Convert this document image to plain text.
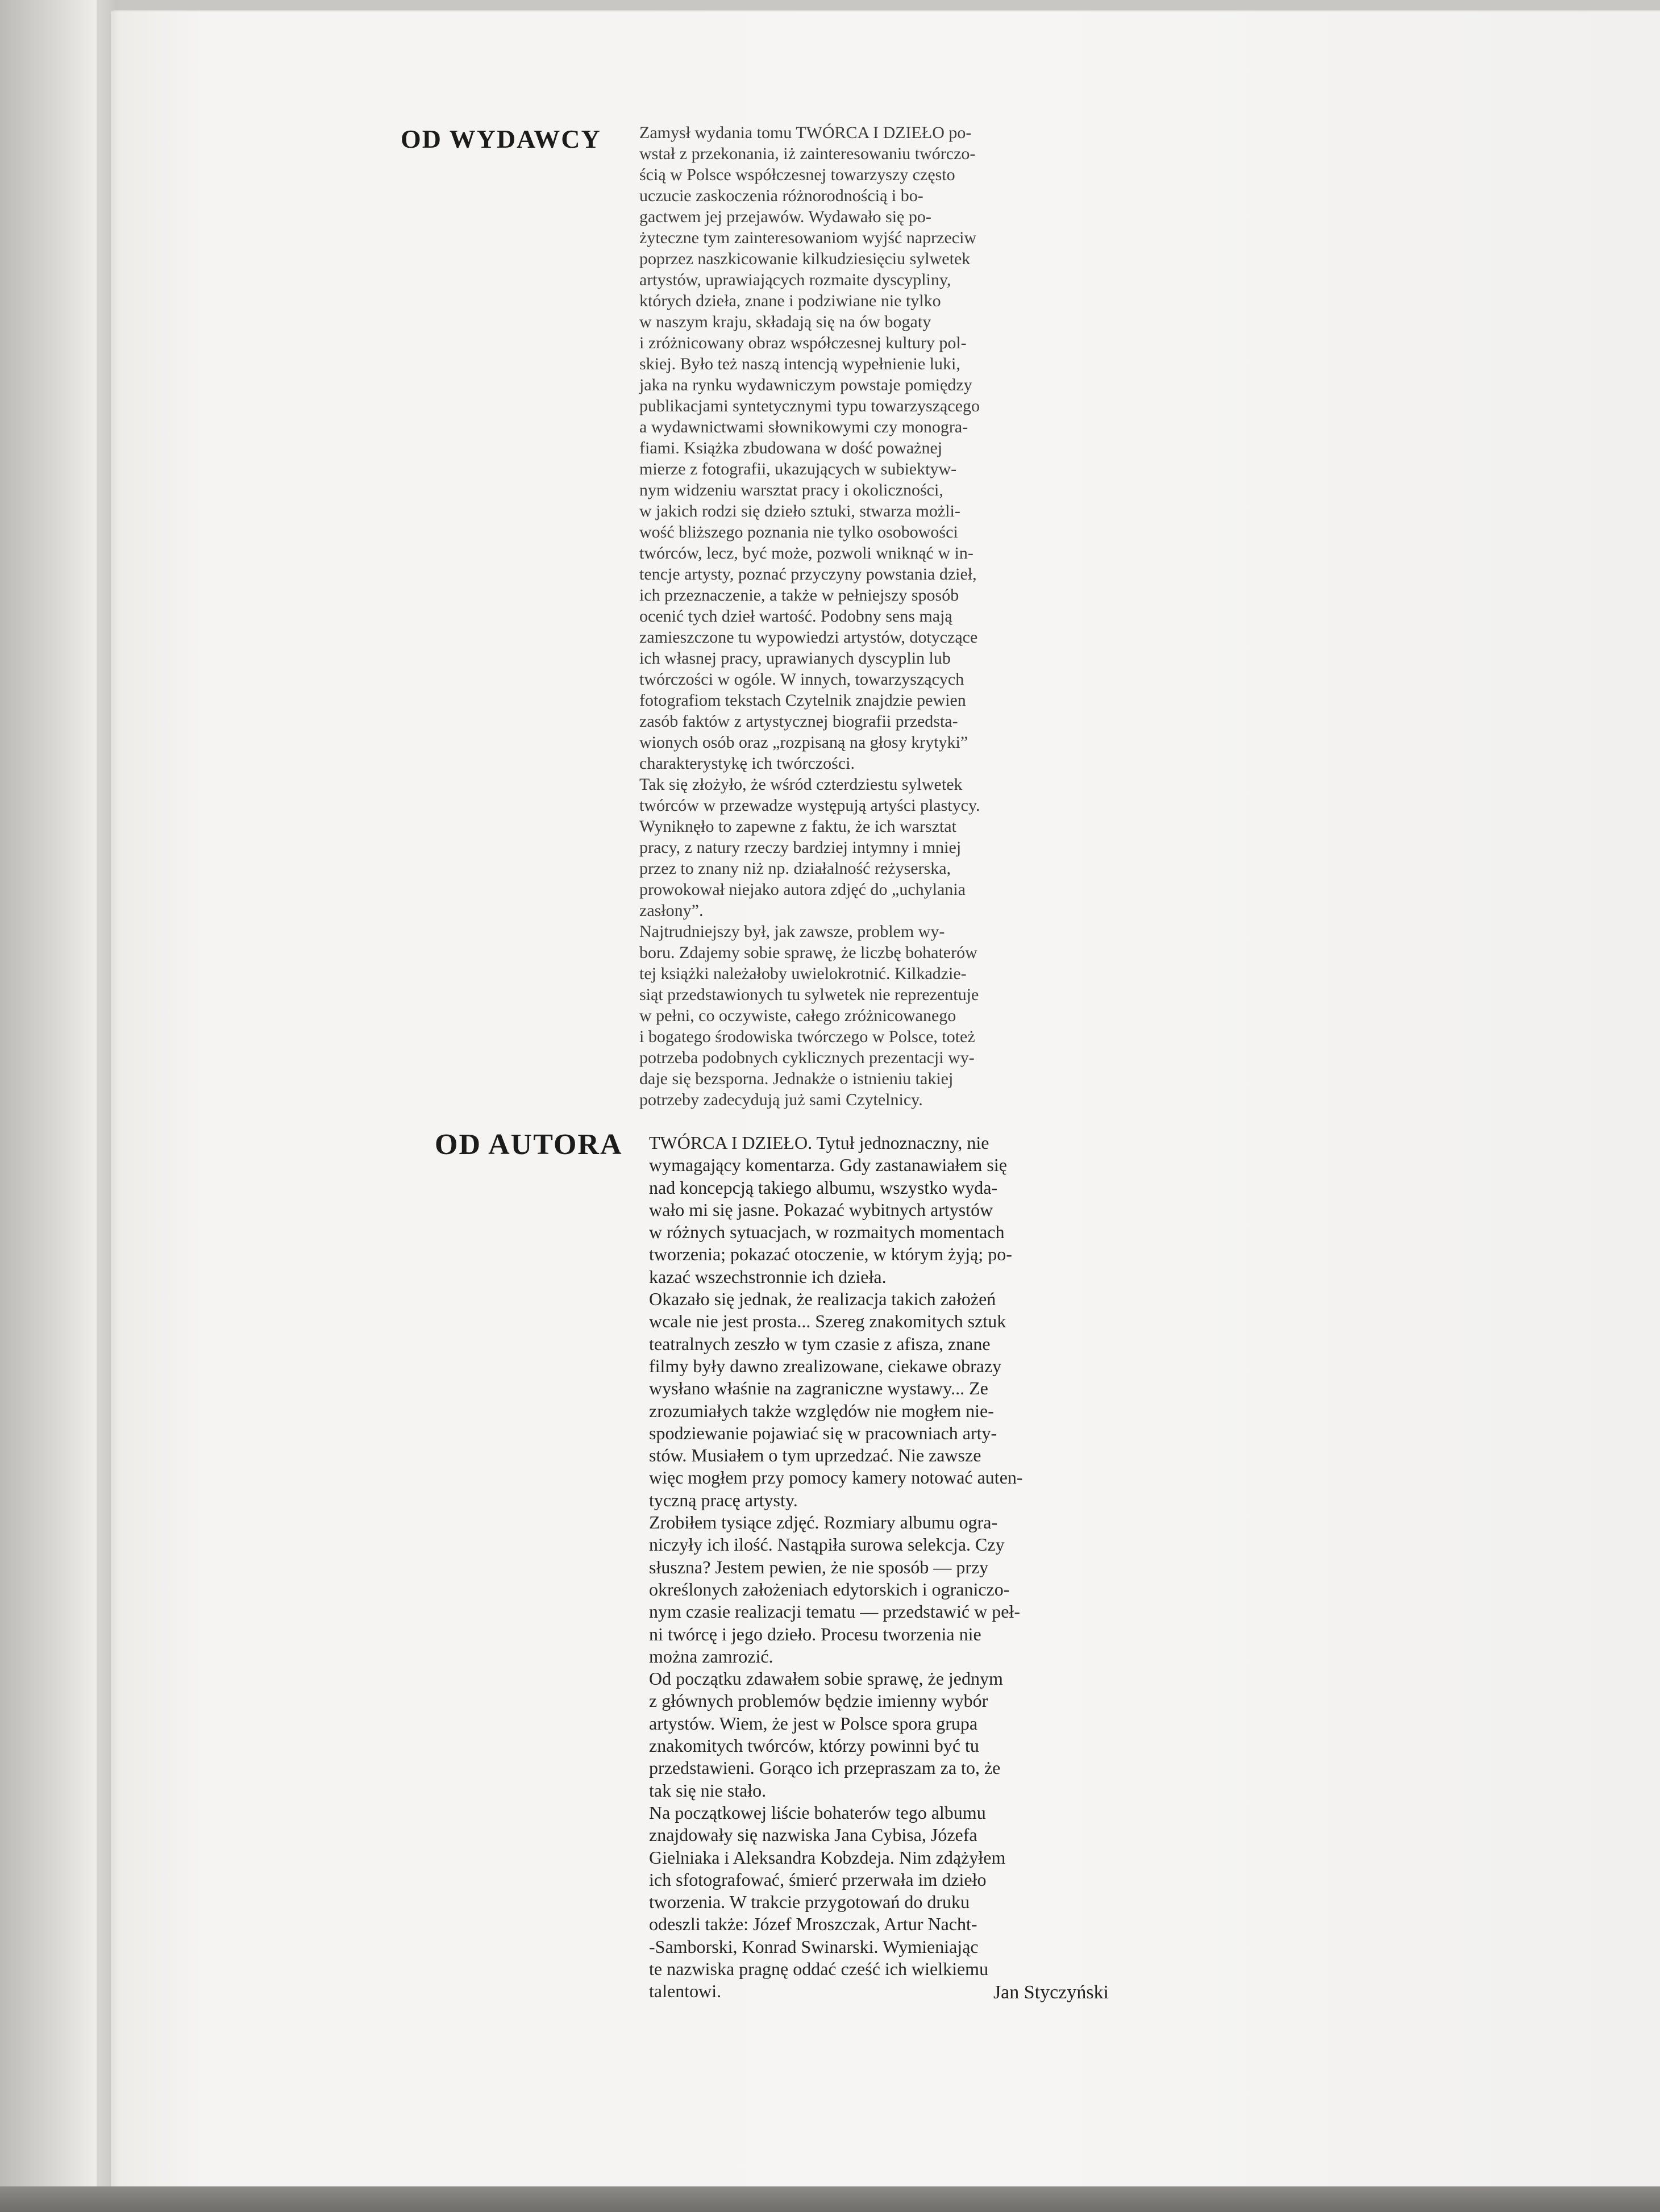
OD WYDAWCY Zamysł wydania tomu TWÓRCA I DZIEŁO po-
wstał z przekonania, iż zainteresowaniu twórczo-
ścią w Polsce współczesnej towarzyszy często
uczucie zaskoczenia różnorodnością i bo-
gactwem jej przejawów. Wydawało się po-
żyteczne tym zainteresowaniom wyjść naprzeciw
poprzez naszkicowanie kilkudziesięciu sylwetek
artystów, uprawiających rozmaite dyscypliny,
których dzieła, znane i podziwiane nie tylko
w naszym kraju, składają się na ów bogaty
i zróżnicowany obraz współczesnej kultury pol-
skiej. Było też naszą intencją wypełnienie luki,
jaka na rynku wydawniczym powstaje pomiędzy
publikacjami syntetycznymi typu towarzyszącego
a wydawnictwami słownikowymi czy monogra-
fiami. Książka zbudowana w dość poważnej
mierze z fotografii, ukazujących w subiektyw-
nym widzeniu warsztat pracy i okoliczności,
w jakich rodzi się dzieło sztuki, stwarza możli-
wość bliższego poznania nie tylko osobowości
twórców, lecz, być może, pozwoli wniknąć w in-
tencje artysty, poznać przyczyny powstania dzieł,
ich przeznaczenie, a także w pełniejszy sposób
ocenić tych dzieł wartość. Podobny sens mają
zamieszczone tu wypowiedzi artystów, dotyczące
ich własnej pracy, uprawianych dyscyplin lub
twórczości w ogóle. W innych, towarzyszących
fotografiom tekstach Czytelnik znajdzie pewien
zasób faktów z artystycznej biografii przedsta-
wionych osób oraz „rozpisaną na głosy krytyki”
charakterystykę ich twórczości.
Tak się złożyło, że wśród czterdziestu sylwetek
twórców w przewadze występują artyści plastycy.
Wyniknęło to zapewne z faktu, że ich warsztat
pracy, z natury rzeczy bardziej intymny i mniej
przez to znany niż np. działalność reżyserska,
prowokował niejako autora zdjęć do „uchylania
zasłony”.
Najtrudniejszy był, jak zawsze, problem wy-
boru. Zdajemy sobie sprawę, że liczbę bohaterów
tej książki należałoby uwielokrotnić. Kilkadzie-
siąt przedstawionych tu sylwetek nie reprezentuje
w pełni, co oczywiste, całego zróżnicowanego
i bogatego środowiska twórczego w Polsce, toteż
potrzeba podobnych cyklicznych prezentacji wy-
daje się bezsporna. Jednakże o istnieniu takiej
potrzeby zadecydują już sami Czytelnicy.
OD AUTORA TWÓRCA I DZIEŁO. Tytuł jednoznaczny, nie
wymagający komentarza. Gdy zastanawiałem się
nad koncepcją takiego albumu, wszystko wyda-
wało mi się jasne. Pokazać wybitnych artystów
w różnych sytuacjach, w rozmaitych momentach
tworzenia; pokazać otoczenie, w którym żyją; po-
kazać wszechstronnie ich dzieła.
Okazało się jednak, że realizacja takich założeń
wcale nie jest prosta... Szereg znakomitych sztuk
teatralnych zeszło w tym czasie z afisza, znane
filmy były dawno zrealizowane, ciekawe obrazy
wysłano właśnie na zagraniczne wystawy... Ze
zrozumiałych także względów nie mogłem nie-
spodziewanie pojawiać się w pracowniach arty-
stów. Musiałem o tym uprzedzać. Nie zawsze
więc mogłem przy pomocy kamery notować auten-
tyczną pracę artysty.
Zrobiłem tysiące zdjęć. Rozmiary albumu ogra-
niczyły ich ilość. Nastąpiła surowa selekcja. Czy
słuszna? Jestem pewien, że nie sposób — przy
określonych założeniach edytorskich i ograniczo-
nym czasie realizacji tematu — przedstawić w peł-
ni twórcę i jego dzieło. Procesu tworzenia nie
można zamrozić.
Od początku zdawałem sobie sprawę, że jednym
z głównych problemów będzie imienny wybór
artystów. Wiem, że jest w Polsce spora grupa
znakomitych twórców, którzy powinni być tu
przedstawieni. Gorąco ich przepraszam za to, że
tak się nie stało.
Na początkowej liście bohaterów tego albumu
znajdowały się nazwiska Jana Cybisa, Józefa
Gielniaka i Aleksandra Kobzdeja. Nim zdążyłem
ich sfotografować, śmierć przerwała im dzieło
tworzenia. W trakcie przygotowań do druku
odeszli także: Józef Mroszczak, Artur Nacht-
-Samborski, Konrad Swinarski. Wymieniając
te nazwiska pragnę oddać cześć ich wielkiemu
talentowi.	Jan Styczyński
